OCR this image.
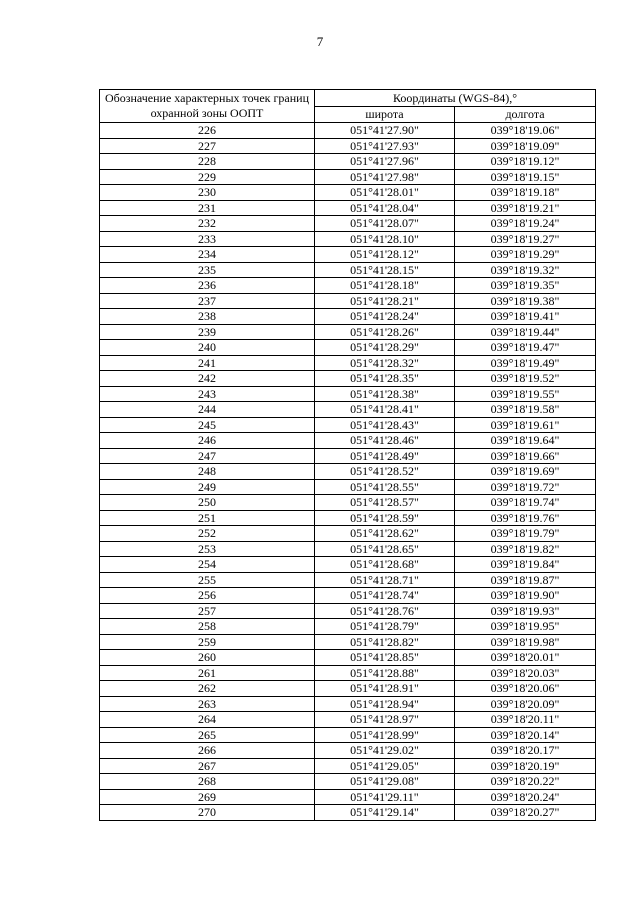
7
Обозначение характерных точек границ охранной зоны ООПТ	Координаты (WGS-84),°	
	широта	долгота
226	051°41'27.90"	039°18'19.06"
227	051°41'27.93"	039°18'19.09"
228	051°41'27.96"	039°18'19.12"
229	051°41'27.98"	039°18'19.15"
230	051°41'28.01"	039°18'19.18"
231	051°41'28.04"	039°18'19.21"
232	051°41'28.07"	039°18'19.24"
233	051°41'28.10"	039°18'19.27"
234	051°41'28.12"	039°18'19.29"
235	051°41'28.15"	039°18'19.32"
236	051°41'28.18"	039°18'19.35"
237	051°41'28.21"	039°18'19.38"
238	051°41'28.24"	039°18'19.41"
239	051°41'28.26"	039°18'19.44"
240	051°41'28.29"	039°18'19.47"
241	051°41'28.32"	039°18'19.49"
242	051°41'28.35"	039°18'19.52"
243	051°41'28.38"	039°18'19.55"
244	051°41'28.41"	039°18'19.58"
245	051°41'28.43"	039°18'19.61"
246	051°41'28.46"	039°18'19.64"
247	051°41'28.49"	039°18'19.66"
248	051°41'28.52"	039°18'19.69"
249	051°41'28.55"	039°18'19.72"
250	051°41'28.57"	039°18'19.74"
251	051°41'28.59"	039°18'19.76"
252	051°41'28.62"	039°18'19.79"
253	051°41'28.65"	039°18'19.82"
254	051°41'28.68"	039°18'19.84"
255	051°41'28.71"	039°18'19.87"
256	051°41'28.74"	039°18'19.90"
257	051°41'28.76"	039°18'19.93"
258	051°41'28.79"	039°18'19.95"
259	051°41'28.82"	039°18'19.98"
260	051°41'28.85"	039°18'20.01"
261	051°41'28.88"	039°18'20.03"
262	051°41'28.91"	039°18'20.06"
263	051°41'28.94"	039°18'20.09"
264	051°41'28.97"	039°18'20.11"
265	051°41'28.99"	039°18'20.14"
266	051°41'29.02"	039°18'20.17"
267	051°41'29.05"	039°18'20.19"
268	051°41'29.08"	039°18'20.22"
269	051°41'29.11"	039°18'20.24"
270	051°41'29.14"	039°18'20.27"
